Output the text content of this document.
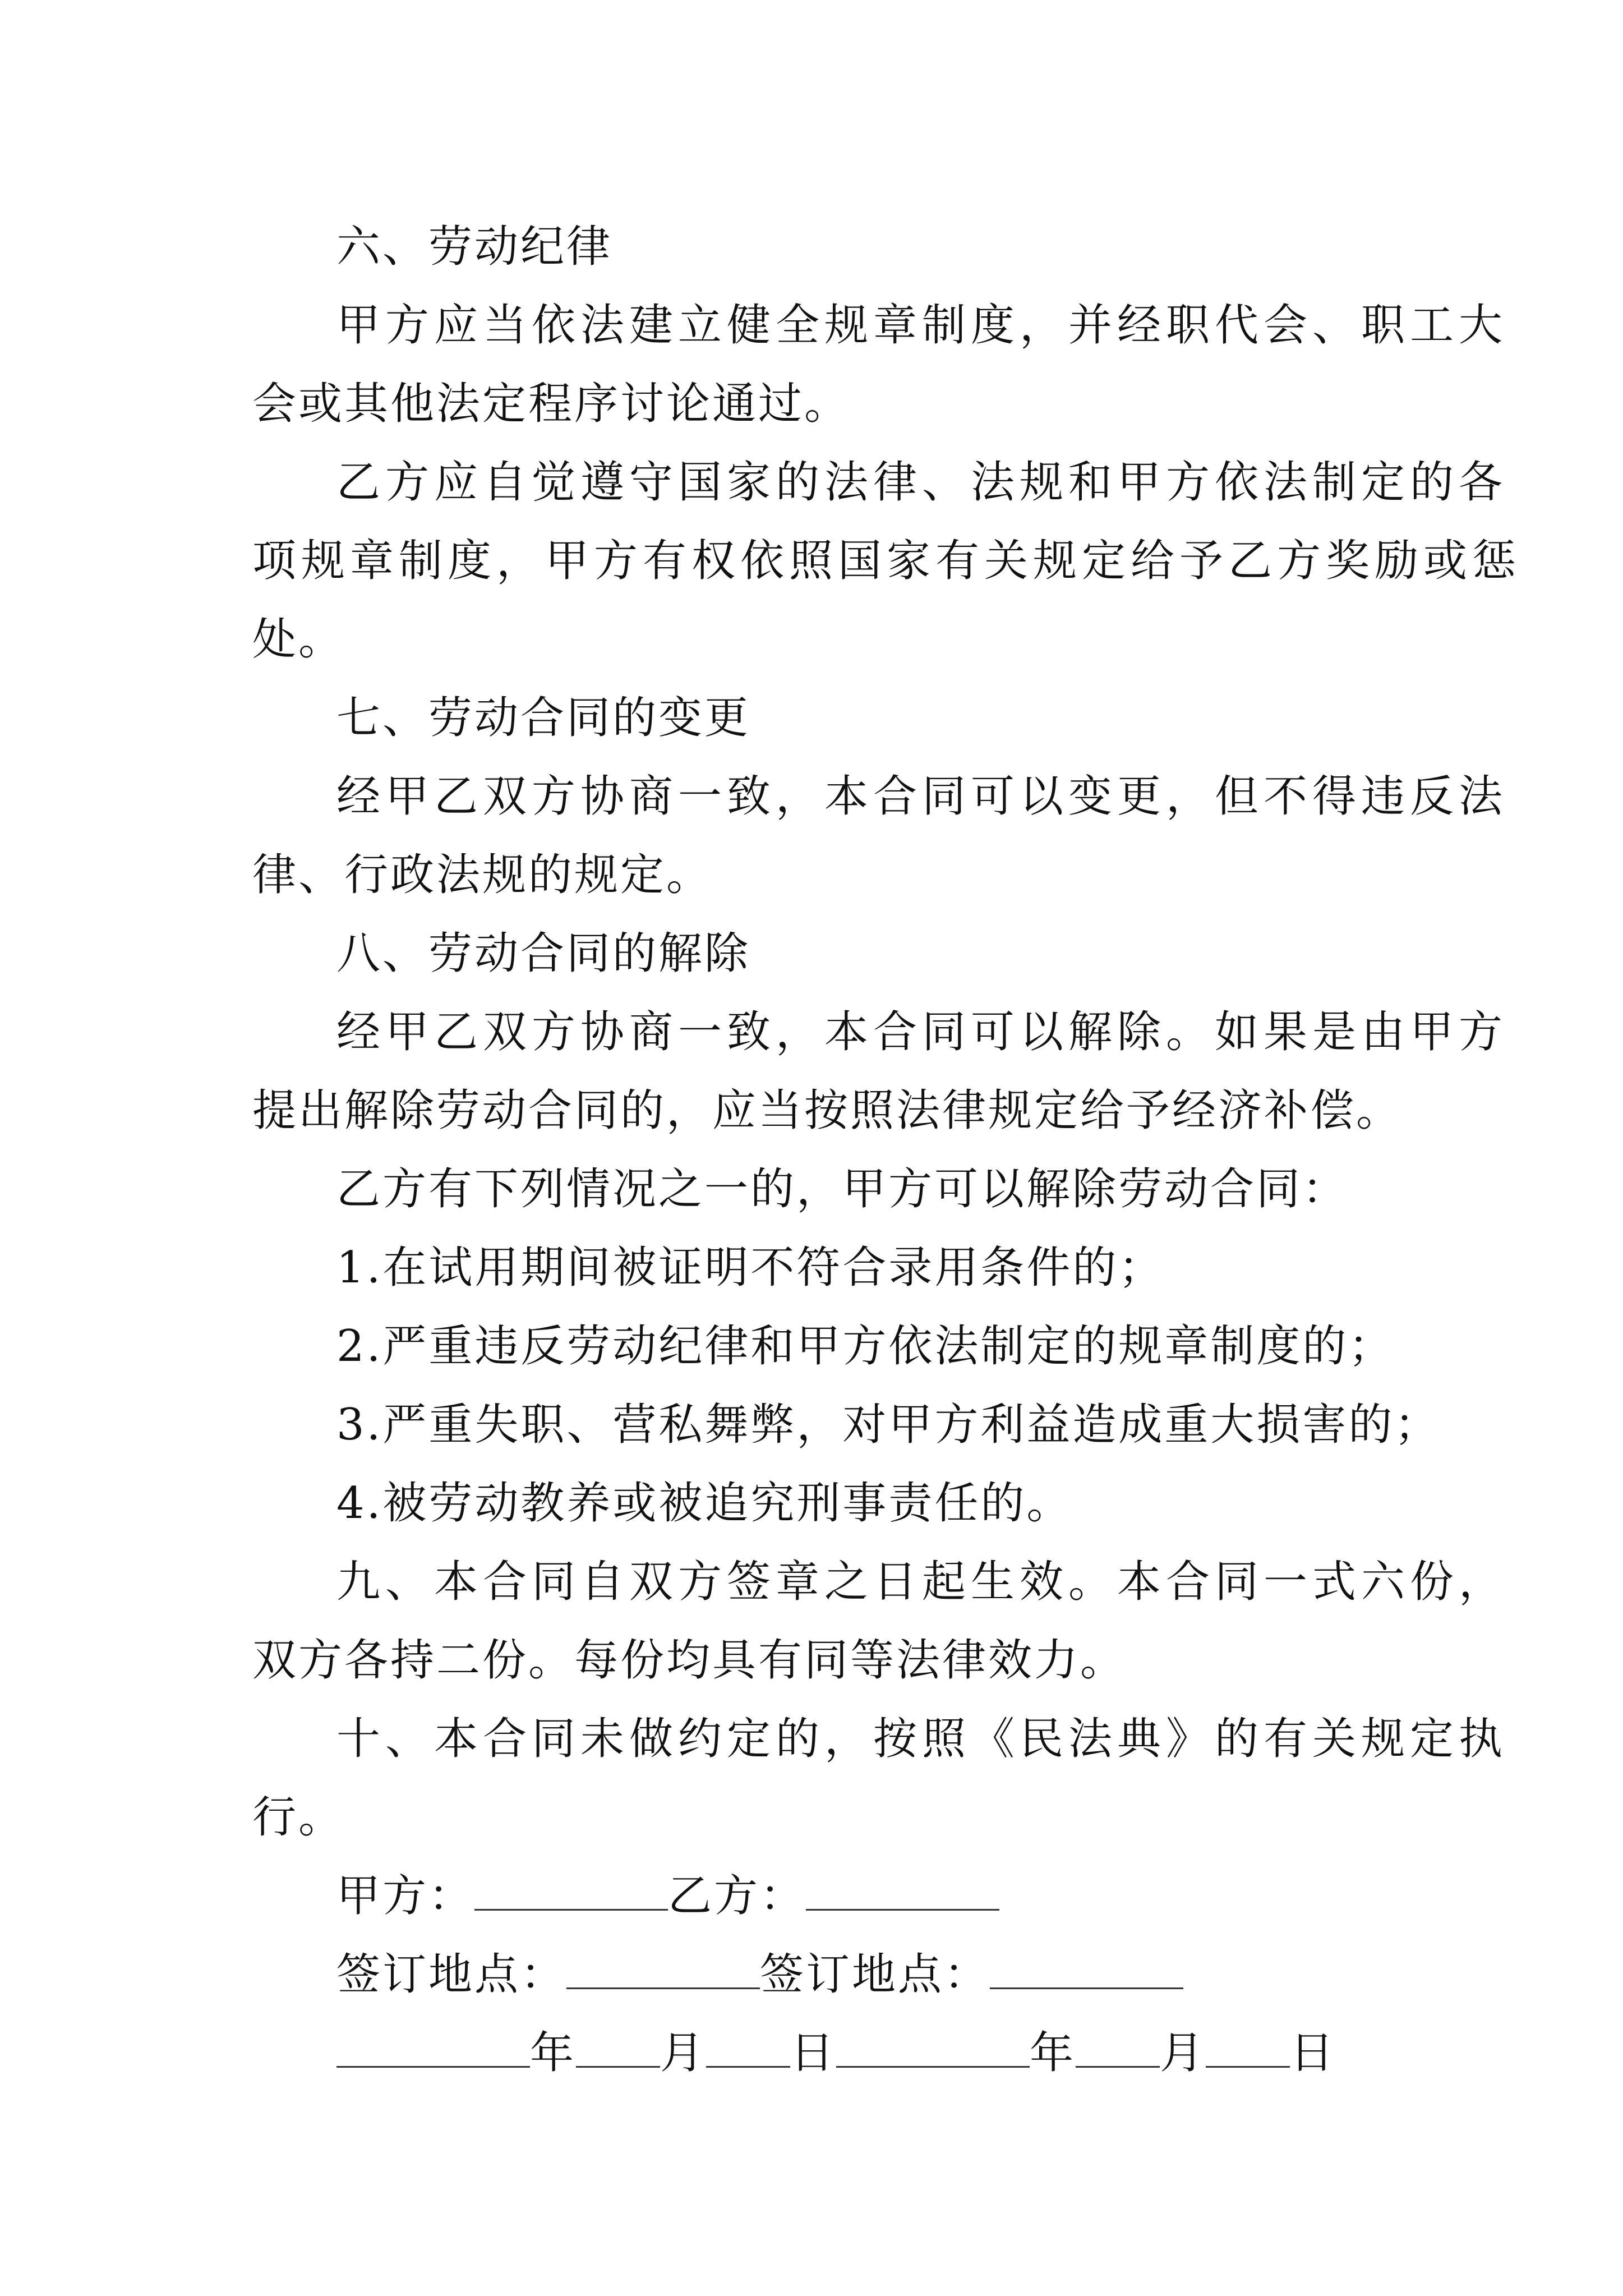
六、劳动纪律
甲方应当依法建立健全规章制度，并经职代会、职工大
会或其他法定程序讨论通过。
乙方应自觉遵守国家的法律、法规和甲方依法制定的各
项规章制度，甲方有权依照国家有关规定给予乙方奖励或惩
处。
七、劳动合同的变更
经甲乙双方协商一致，本合同可以变更，但不得违反法
律、行政法规的规定。
八、劳动合同的解除
经甲乙双方协商一致，本合同可以解除。如果是由甲方
提出解除劳动合同的，应当按照法律规定给予经济补偿。
乙方有下列情况之一的，甲方可以解除劳动合同：
1.在试用期间被证明不符合录用条件的；
2.严重违反劳动纪律和甲方依法制定的规章制度的；
3.严重失职、营私舞弊，对甲方利益造成重大损害的；
4.被劳动教养或被追究刑事责任的。
九、本合同自双方签章之日起生效。本合同一式六份，
双方各持二份。每份均具有同等法律效力。
十、本合同未做约定的，按照《民法典》的有关规定执
行。
甲方：	乙方：
签订地点：	签订地点：
年 月 日	年 月 日
